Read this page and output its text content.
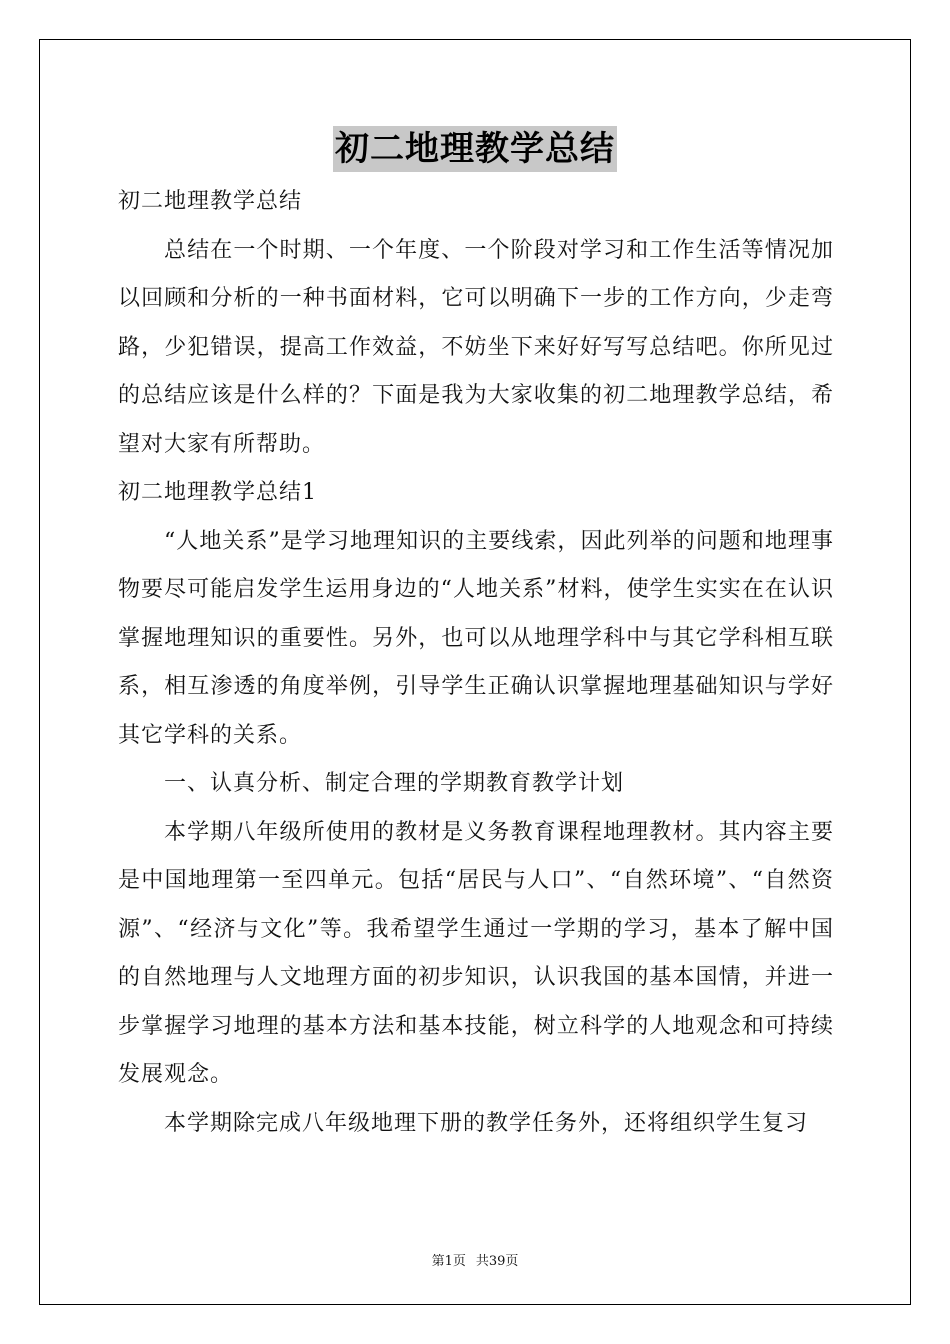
初二地理教学总结

初二地理教学总结

总结在一个时期、一个年度、一个阶段对学习和工作生活等情况加以回顾和分析的一种书面材料，它可以明确下一步的工作方向，少走弯路，少犯错误，提高工作效益，不妨坐下来好好写写总结吧。你所见过的总结应该是什么样的？下面是我为大家收集的初二地理教学总结，希望对大家有所帮助。

初二地理教学总结1

“人地关系”是学习地理知识的主要线索，因此列举的问题和地理事物要尽可能启发学生运用身边的“人地关系”材料，使学生实实在在认识掌握地理知识的重要性。另外，也可以从地理学科中与其它学科相互联系，相互渗透的角度举例，引导学生正确认识掌握地理基础知识与学好其它学科的关系。

一、认真分析、制定合理的学期教育教学计划

本学期八年级所使用的教材是义务教育课程地理教材。其内容主要是中国地理第一至四单元。包括“居民与人口”、“自然环境”、“自然资源”、“经济与文化”等。我希望学生通过一学期的学习，基本了解中国的自然地理与人文地理方面的初步知识，认识我国的基本国情，并进一步掌握学习地理的基本方法和基本技能，树立科学的人地观念和可持续发展观念。

本学期除完成八年级地理下册的教学任务外，还将组织学生复习

第1页 共39页
